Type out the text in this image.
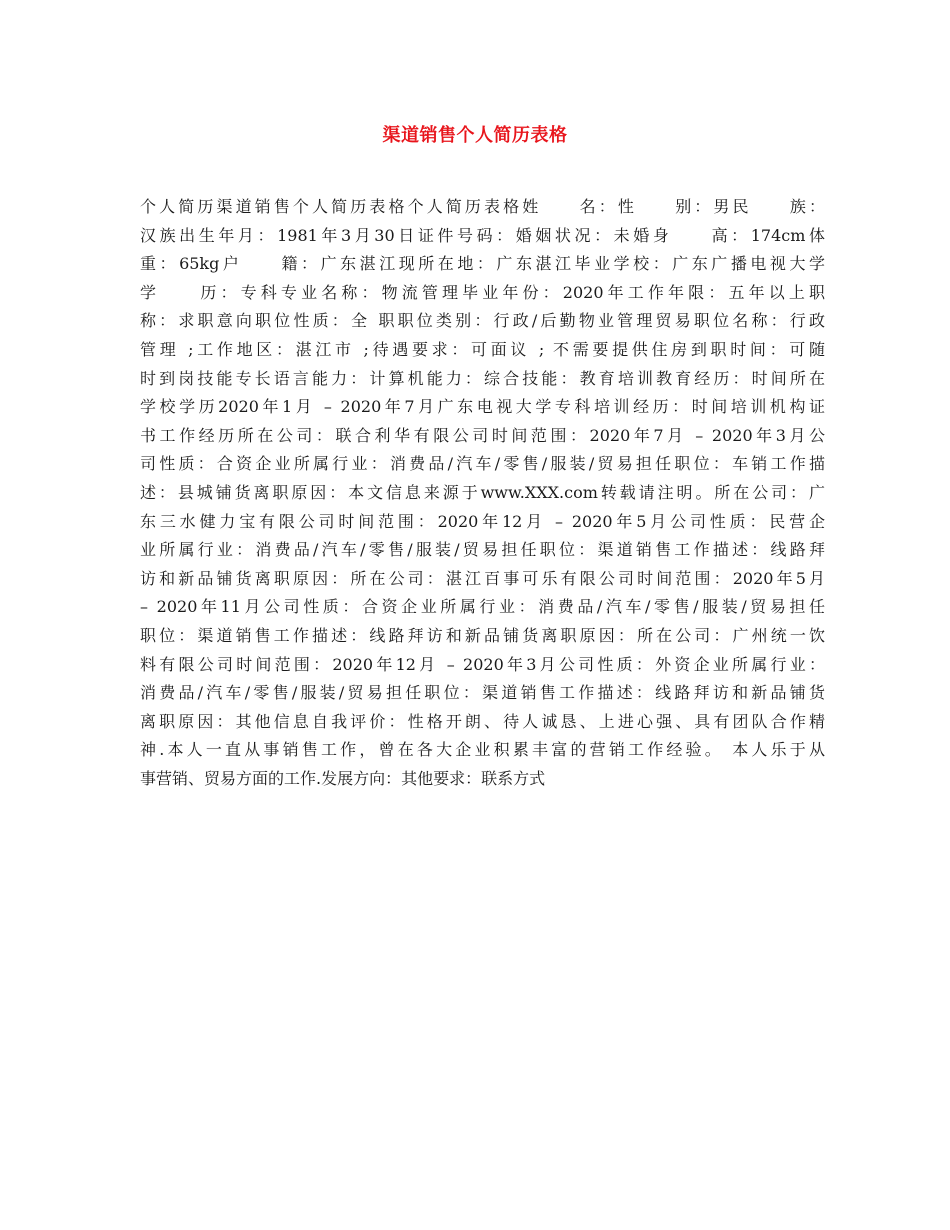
渠道销售个人简历表格
个人简历渠道销售个人简历表格个人简历表格姓　　名：性　　别：男民　　族：
汉族出生年月：1981年3月30日证件号码：婚姻状况：未婚身　　高：174cm体
重：65kg户　　籍：广东湛江现所在地：广东湛江毕业学校：广东广播电视大学
学　　历：专科专业名称：物流管理毕业年份：2020年工作年限：五年以上职
称：求职意向职位性质：全 职职位类别：行政/后勤物业管理贸易职位名称：行政
管理 ;工作地区：湛江市 ;待遇要求：可面议 ; 不需要提供住房到职时间：可随
时到岗技能专长语言能力：计算机能力：综合技能：教育培训教育经历：时间所在
学校学历2020年1月 – 2020年7月广东电视大学专科培训经历：时间培训机构证
书工作经历所在公司：联合利华有限公司时间范围：2020年7月 – 2020年3月公
司性质：合资企业所属行业：消费品/汽车/零售/服装/贸易担任职位：车销工作描
述：县城铺货离职原因：本文信息来源于www.XXX.com转载请注明。所在公司：广
东三水健力宝有限公司时间范围：2020年12月 – 2020年5月公司性质：民营企
业所属行业：消费品/汽车/零售/服装/贸易担任职位：渠道销售工作描述：线路拜
访和新品铺货离职原因：所在公司：湛江百事可乐有限公司时间范围：2020年5月
– 2020年11月公司性质：合资企业所属行业：消费品/汽车/零售/服装/贸易担任
职位：渠道销售工作描述：线路拜访和新品铺货离职原因：所在公司：广州统一饮
料有限公司时间范围：2020年12月 – 2020年3月公司性质：外资企业所属行业：
消费品/汽车/零售/服装/贸易担任职位：渠道销售工作描述：线路拜访和新品铺货
离职原因：其他信息自我评价：性格开朗、待人诚恳、上进心强、具有团队合作精
神.本人一直从事销售工作，曾在各大企业积累丰富的营销工作经验。 本人乐于从
事营销、贸易方面的工作.发展方向：其他要求：联系方式
